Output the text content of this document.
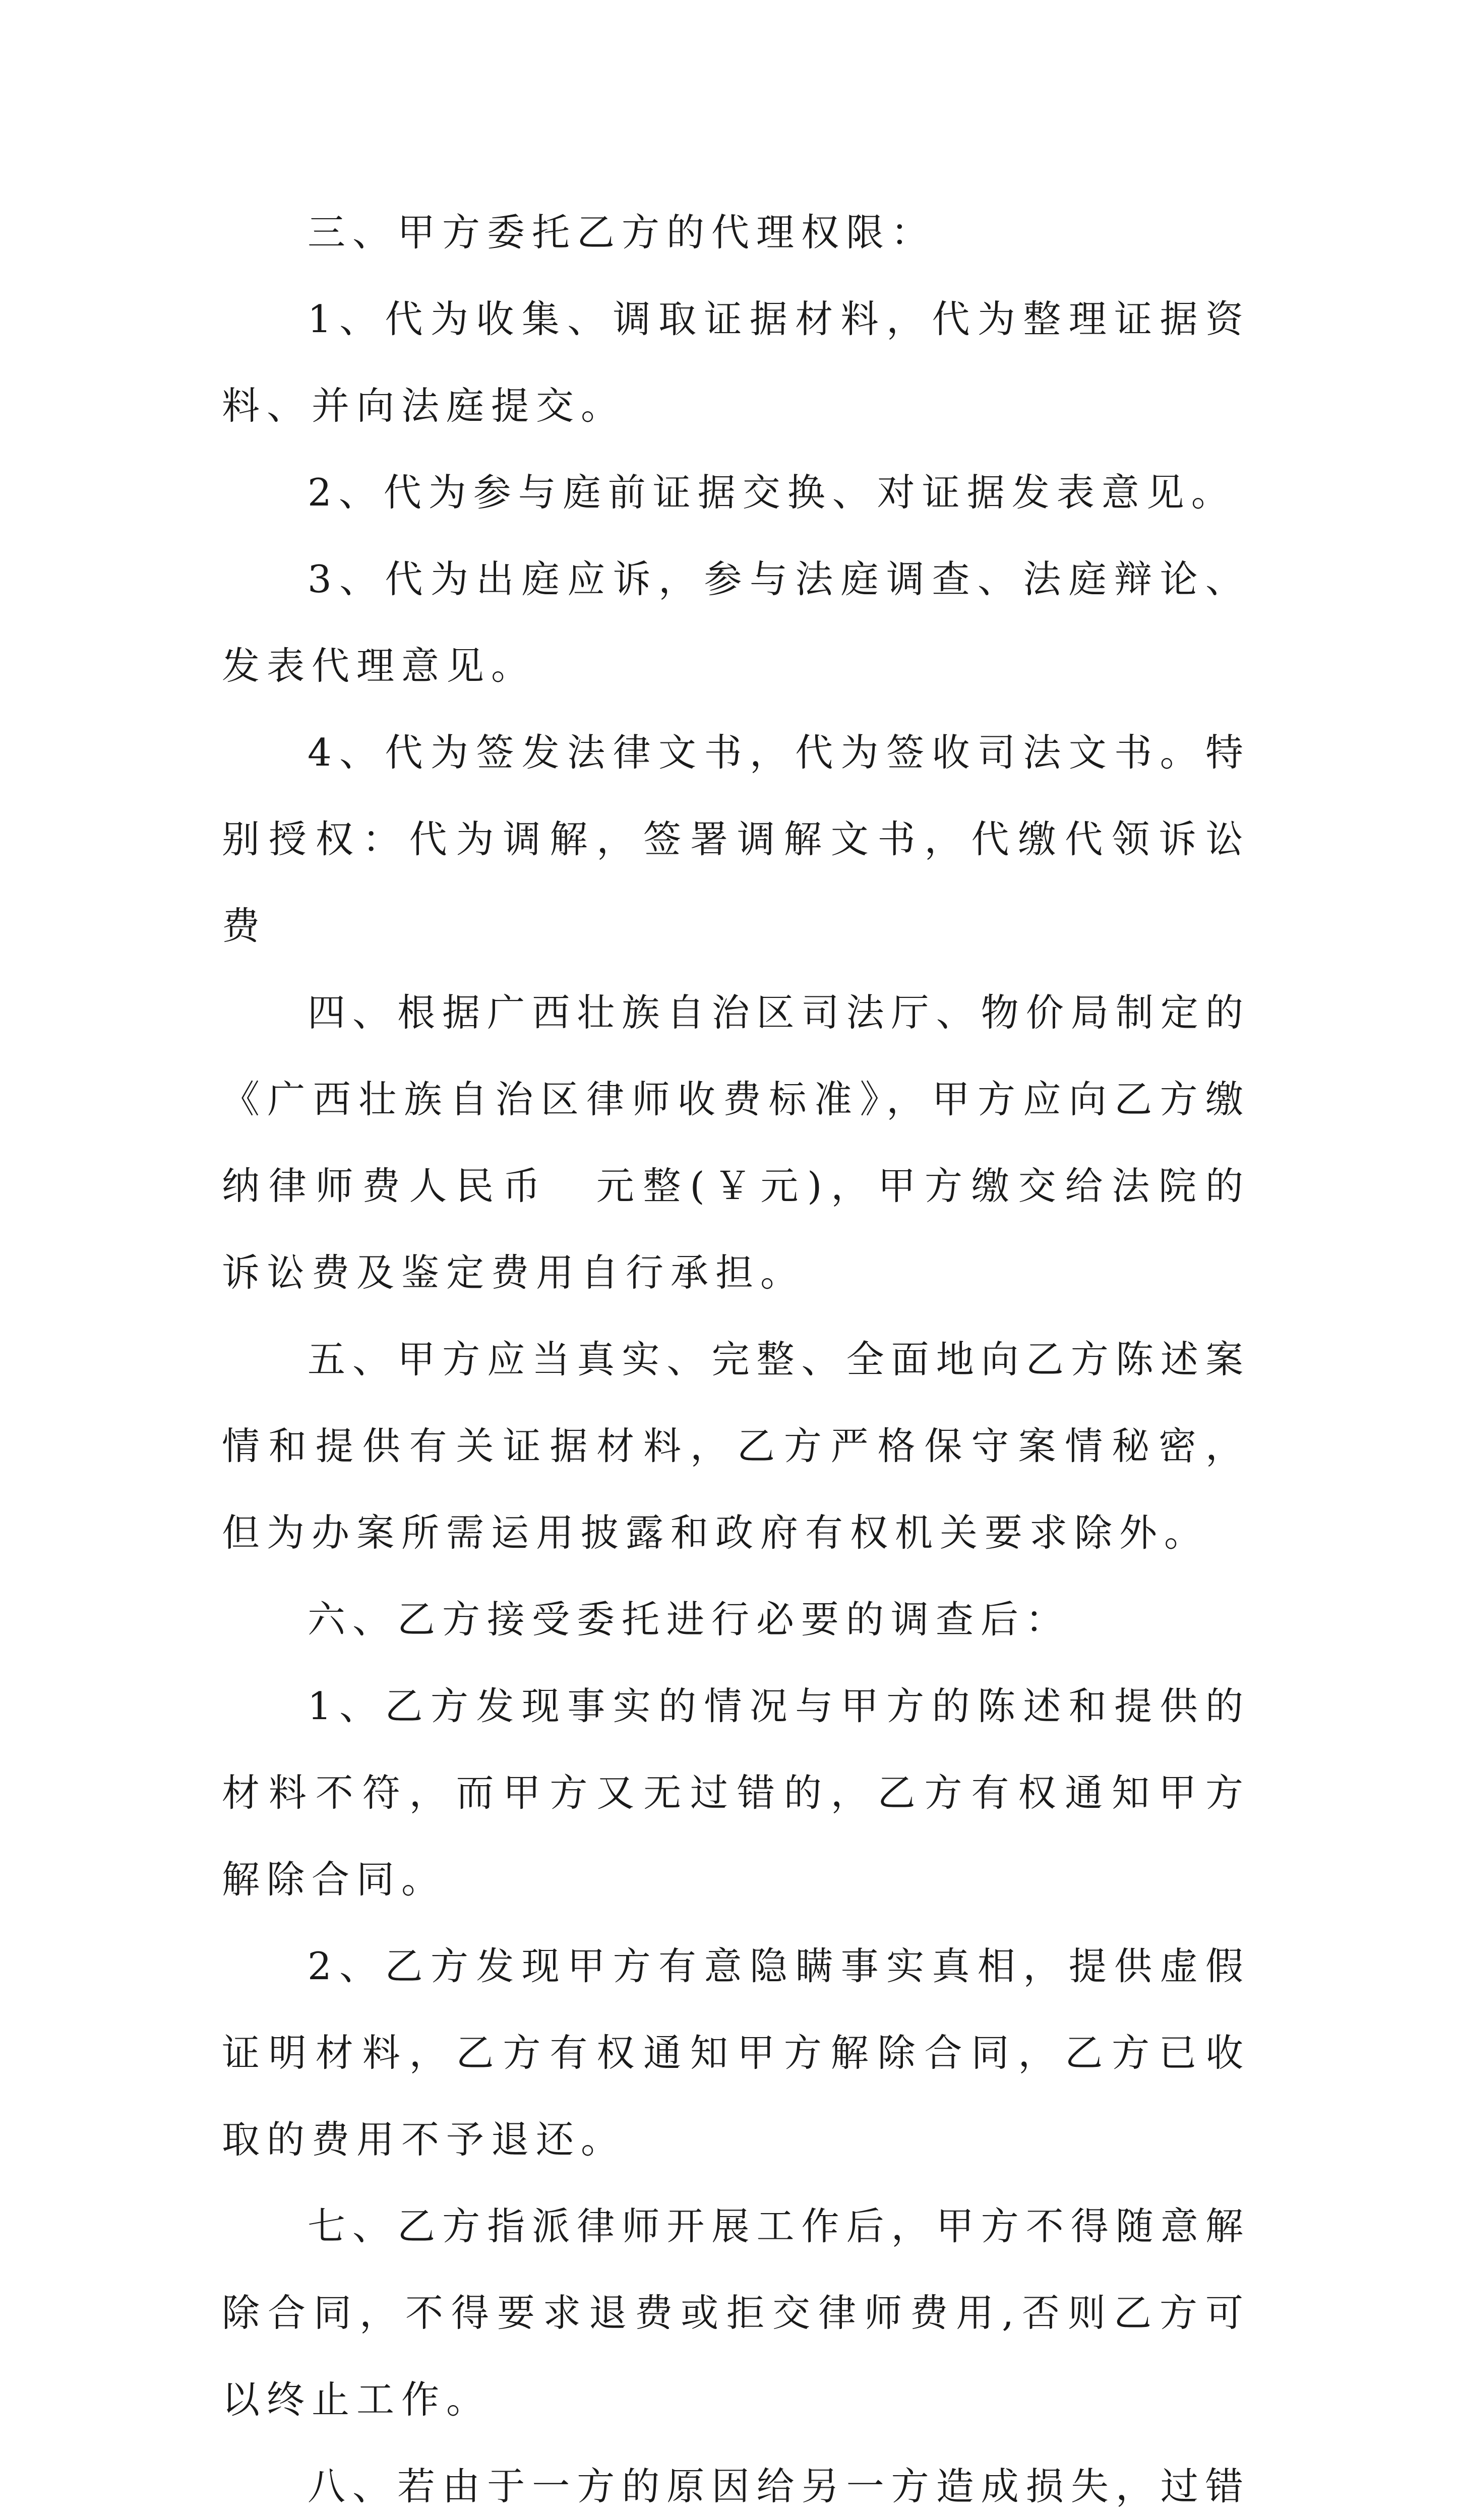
三、甲方委托乙方的代理权限：

1、代为收集、调取证据材料，代为整理证据资料、并向法庭提交。

2、代为参与庭前证据交换、对证据发表意见。

3、代为出庭应诉，参与法庭调查、法庭辩论、发表代理意见。

4、代为签发法律文书，代为签收司法文书。特别授权：代为调解，签署调解文书，代缴代领诉讼费

四、根据广西壮族自治区司法厅、物价局制定的《广西壮族自治区律师收费标准》，甲方应向乙方缴纳律师费人民币　元整(￥元)，甲方缴交给法院的诉讼费及鉴定费用自行承担。

五、甲方应当真实、完整、全面地向乙方陈述案情和提供有关证据材料，乙方严格保守案情秘密，但为办案所需运用披露和政府有权机关要求除外。

六、乙方接受委托进行必要的调查后：

1、乙方发现事实的情况与甲方的陈述和提供的材料不符，而甲方又无过错的，乙方有权通知甲方解除合同。

2、乙方发现甲方有意隐瞒事实真相，提供虚假证明材料，乙方有权通知甲方解除合同，乙方已收取的费用不予退还。

七、乙方指派律师开展工作后，甲方不得随意解除合同，不得要求退费或拒交律师费用,否则乙方可以终止工作。

八、若由于一方的原因给另一方造成损失，过错
